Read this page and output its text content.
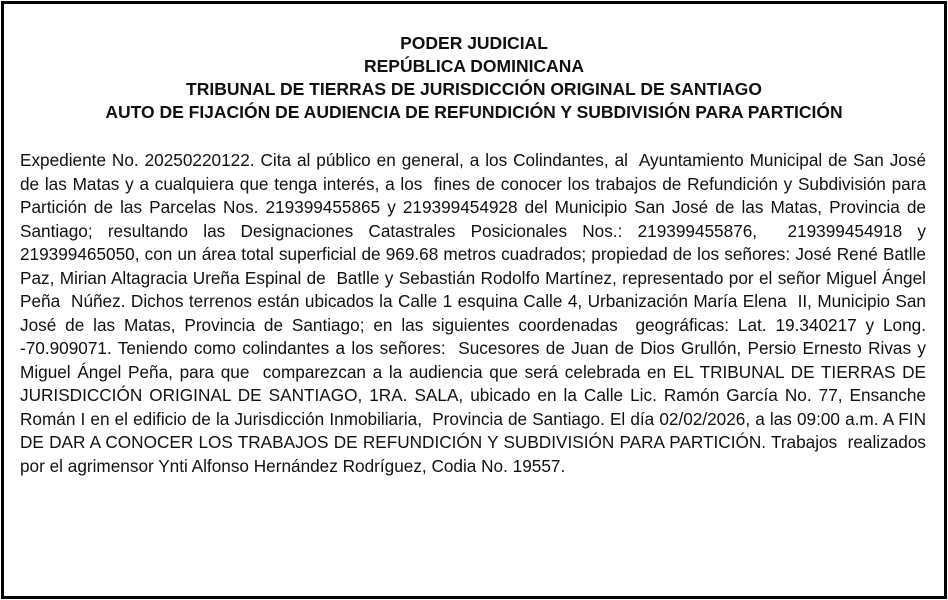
PODER JUDICIAL
REPÚBLICA DOMINICANA
TRIBUNAL DE TIERRAS DE JURISDICCIÓN ORIGINAL DE SANTIAGO
AUTO DE FIJACIÓN DE AUDIENCIA DE REFUNDICIÓN Y SUBDIVISIÓN PARA PARTICIÓN

Expediente No. 20250220122. Cita al público en general, a los Colindantes, al  Ayuntamiento Municipal de San José de las Matas y a cualquiera que tenga interés, a los  fines de conocer los trabajos de Refundición y Subdivisión para Partición de las Parcelas Nos. 219399455865 y 219399454928 del Municipio San José de las Matas, Provincia de  Santiago; resultando las Designaciones Catastrales Posicionales Nos.: 219399455876,  219399454918 y 219399465050, con un área total superficial de 969.68 metros cuadrados; propiedad de los señores: José René Batlle Paz, Mirian Altagracia Ureña Espinal de  Batlle y Sebastián Rodolfo Martínez, representado por el señor Miguel Ángel Peña  Núñez. Dichos terrenos están ubicados la Calle 1 esquina Calle 4, Urbanización María Elena  II, Municipio San José de las Matas, Provincia de Santiago; en las siguientes coordenadas  geográficas: Lat. 19.340217 y Long. -70.909071. Teniendo como colindantes a los señores:  Sucesores de Juan de Dios Grullón, Persio Ernesto Rivas y Miguel Ángel Peña, para que  comparezcan a la audiencia que será celebrada en EL TRIBUNAL DE TIERRAS DE  JURISDICCIÓN ORIGINAL DE SANTIAGO, 1RA. SALA, ubicado en la Calle Lic. Ramón García No. 77, Ensanche Román I en el edificio de la Jurisdicción Inmobiliaria,  Provincia de Santiago. El día 02/02/2026, a las 09:00 a.m. A FIN DE DAR A CONOCER LOS TRABAJOS DE REFUNDICIÓN Y SUBDIVISIÓN PARA PARTICIÓN. Trabajos  realizados por el agrimensor Ynti Alfonso Hernández Rodríguez, Codia No. 19557.
